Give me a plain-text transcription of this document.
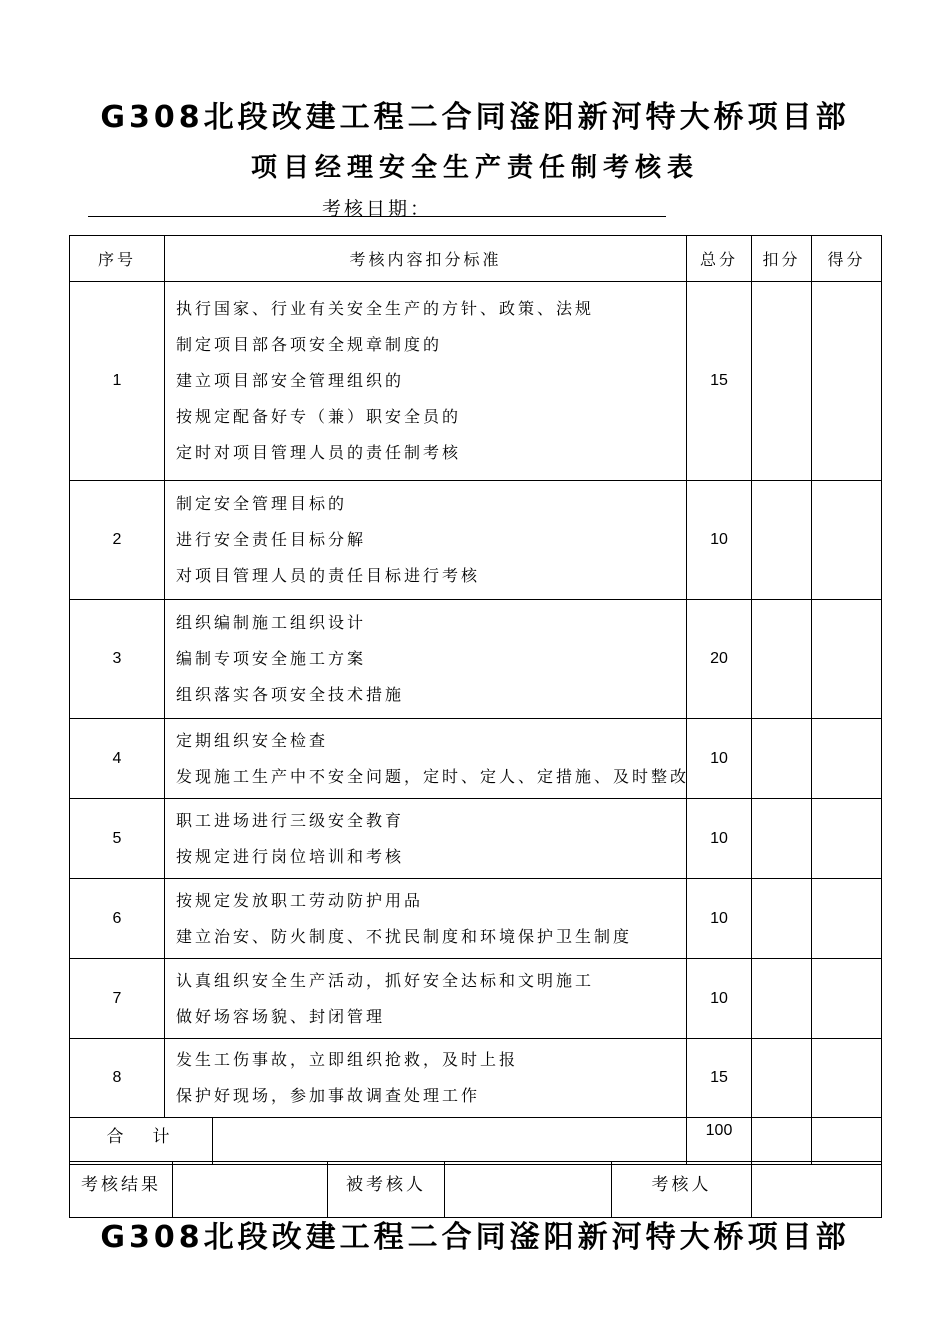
G308北段改建工程二合同滏阳新河特大桥项目部
项目经理安全生产责任制考核表
考核日期：
序号	考核内容扣分标准	总分	扣分	得分
1	执行国家、行业有关安全生产的方针、政策、法规
制定项目部各项安全规章制度的
建立项目部安全管理组织的
按规定配备好专（兼）职安全员的
定时对项目管理人员的责任制考核	15		
2	制定安全管理目标的
进行安全责任目标分解
对项目管理人员的责任目标进行考核	10		
3	组织编制施工组织设计
编制专项安全施工方案
组织落实各项安全技术措施	20		
4	定期组织安全检查
发现施工生产中不安全问题，定时、定人、定措施、及时整改	10		
5	职工进场进行三级安全教育
按规定进行岗位培训和考核	10		
6	按规定发放职工劳动防护用品
建立治安、防火制度、不扰民制度和环境保护卫生制度	10		
7	认真组织安全生产活动，抓好安全达标和文明施工
做好场容场貌、封闭管理	10		
8	发生工伤事故，立即组织抢救，及时上报
保护好现场，参加事故调查处理工作	15		

合　计		100		
考核结果		被考核人		考核人	
G308北段改建工程二合同滏阳新河特大桥项目部
